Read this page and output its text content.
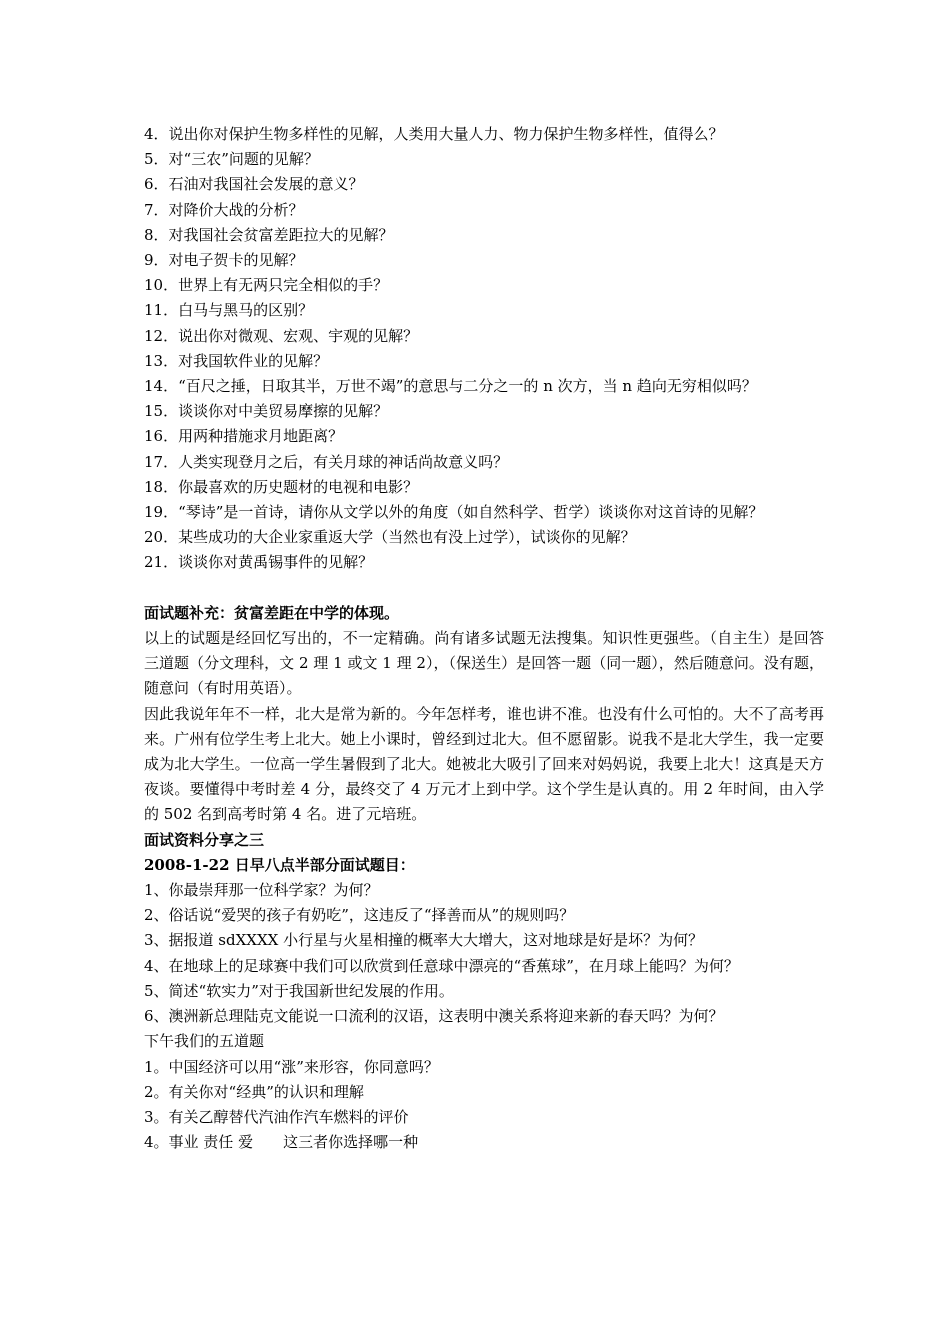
4．说出你对保护生物多样性的见解，人类用大量人力、物力保护生物多样性，值得么？
5．对“三农”问题的见解？
6．石油对我国社会发展的意义？
7．对降价大战的分析？
8．对我国社会贫富差距拉大的见解？
9．对电子贺卡的见解？
10．世界上有无两只完全相似的手？
11．白马与黑马的区别？
12．说出你对微观、宏观、宇观的见解？
13．对我国软件业的见解？
14．“百尺之捶，日取其半，万世不竭”的意思与二分之一的 n 次方，当 n 趋向无穷相似吗？
15．谈谈你对中美贸易摩擦的见解？
16．用两种措施求月地距离？
17．人类实现登月之后，有关月球的神话尚故意义吗？
18．你最喜欢的历史题材的电视和电影？
19．“琴诗”是一首诗，请你从文学以外的角度（如自然科学、哲学）谈谈你对这首诗的见解？
20．某些成功的大企业家重返大学（当然也有没上过学），试谈你的见解？
21．谈谈你对黄禹锡事件的见解？
面试题补充：贫富差距在中学的体现。
以上的试题是经回忆写出的，不一定精确。尚有诸多试题无法搜集。知识性更强些。（自主生）是回答三道题（分文理科，文 2 理 1 或文 1 理 2），（保送生）是回答一题（同一题），然后随意问。没有题，随意问（有时用英语）。
因此我说年年不一样，北大是常为新的。今年怎样考，谁也讲不准。也没有什么可怕的。大不了高考再来。广州有位学生考上北大。她上小课时，曾经到过北大。但不愿留影。说我不是北大学生，我一定要成为北大学生。一位高一学生暑假到了北大。她被北大吸引了回来对妈妈说，我要上北大！这真是天方夜谈。要懂得中考时差 4 分，最终交了 4 万元才上到中学。这个学生是认真的。用 2 年时间，由入学的 502 名到高考时第 4 名。进了元培班。
面试资料分享之三
2008-1-22 日早八点半部分面试题目：
1、你最崇拜那一位科学家？为何？
2、俗话说“爱哭的孩子有奶吃”，这违反了“择善而从”的规则吗？
3、据报道 sdXXXX 小行星与火星相撞的概率大大增大，这对地球是好是坏？为何？
4、在地球上的足球赛中我们可以欣赏到任意球中漂亮的“香蕉球”，在月球上能吗？为何？
5、简述“软实力”对于我国新世纪发展的作用。
6、澳洲新总理陆克文能说一口流利的汉语，这表明中澳关系将迎来新的春天吗？为何？
下午我们的五道题
1。中国经济可以用“涨”来形容，你同意吗？
2。有关你对“经典”的认识和理解
3。有关乙醇替代汽油作汽车燃料的评价
4。事业 责任 爱　　这三者你选择哪一种
